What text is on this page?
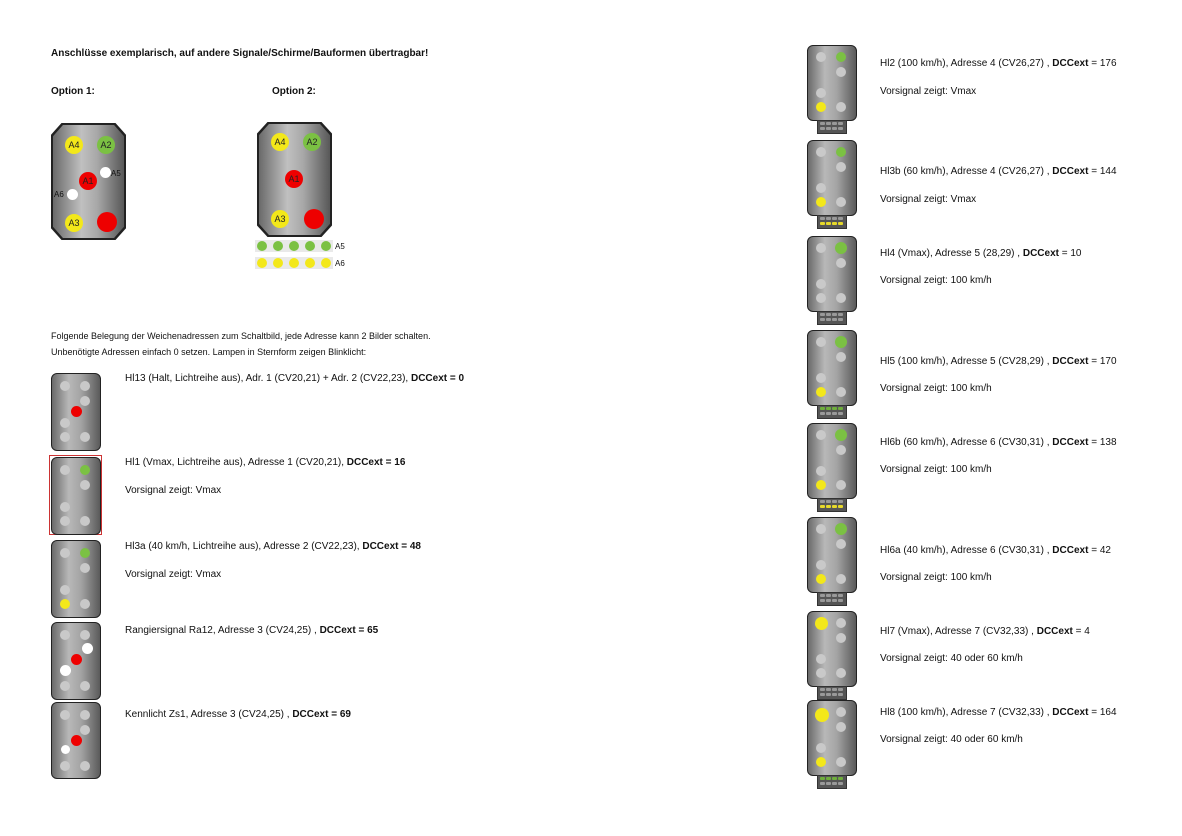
Anschlüsse exemplarisch, auf andere Signale/Schirme/Bauformen übertragbar!
Option 1:	Option 2:
A4	A2
A1
A5
A6
A3
A4	A2
A1
A3
A5
A6
Folgende Belegung der Weichenadressen zum Schaltbild, jede Adresse kann 2 Bilder schalten.
Unbenötigte Adressen einfach 0 setzen. Lampen in Sternform zeigen Blinklicht:
Hl13 (Halt, Lichtreihe aus), Adr. 1 (CV20,21) + Adr. 2 (CV22,23), DCCext = 0
Hl1 (Vmax, Lichtreihe aus), Adresse 1 (CV20,21), DCCext = 16
Vorsignal zeigt: Vmax
Hl3a (40 km/h, Lichtreihe aus), Adresse 2 (CV22,23), DCCext = 48
Vorsignal zeigt: Vmax
Rangiersignal Ra12, Adresse 3 (CV24,25) , DCCext = 65
Kennlicht Zs1, Adresse 3 (CV24,25) , DCCext = 69
Hl2 (100 km/h), Adresse 4 (CV26,27) , DCCext = 176
Vorsignal zeigt: Vmax
Hl3b (60 km/h), Adresse 4 (CV26,27) , DCCext = 144
Vorsignal zeigt: Vmax
Hl4 (Vmax), Adresse 5 (28,29) , DCCext = 10
Vorsignal zeigt: 100 km/h
Hl5 (100 km/h), Adresse 5 (CV28,29) , DCCext = 170
Vorsignal zeigt: 100 km/h
Hl6b (60 km/h), Adresse 6 (CV30,31) , DCCext = 138
Vorsignal zeigt: 100 km/h
Hl6a (40 km/h), Adresse 6 (CV30,31) , DCCext = 42
Vorsignal zeigt: 100 km/h
Hl7 (Vmax), Adresse 7 (CV32,33) , DCCext = 4
Vorsignal zeigt: 40 oder 60 km/h
Hl8 (100 km/h), Adresse 7 (CV32,33) , DCCext = 164
Vorsignal zeigt: 40 oder 60 km/h
